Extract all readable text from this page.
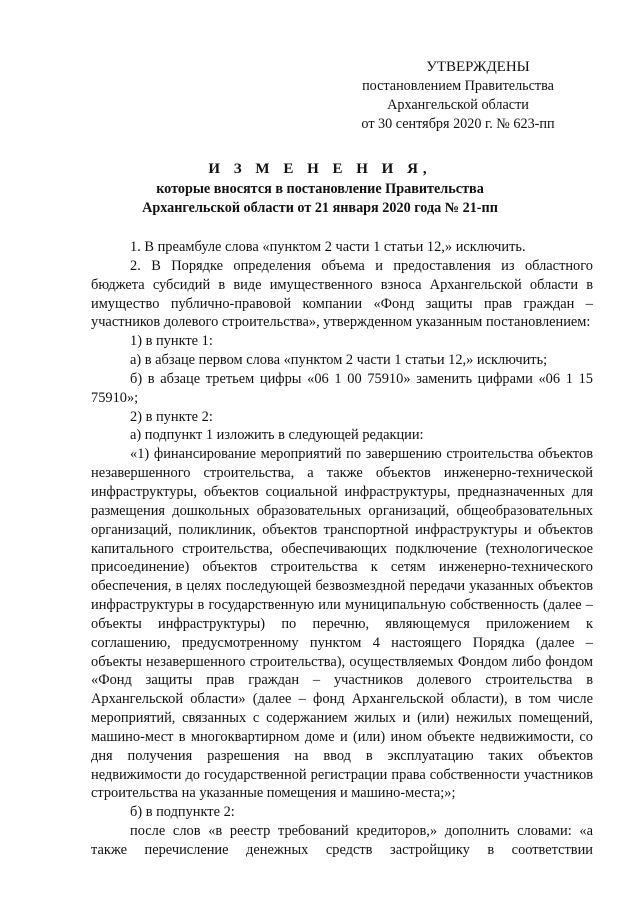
УТВЕРЖДЕНЫ
постановлением Правительства
Архангельской области
от 30 сентября 2020 г. № 623-пп
И З М Е Н Е Н И Я,
которые вносятся в постановление Правительства
Архангельской области от 21 января 2020 года № 21-пп

1. В преамбуле слова «пунктом 2 части 1 статьи 12,» исключить.

2. В Порядке определения объема и предоставления из областного бюджета субсидий в виде имущественного взноса Архангельской области в имущество публично-правовой компании «Фонд защиты прав граждан – участников долевого строительства», утвержденном указанным постановлением:

1) в пункте 1:

а) в абзаце первом слова «пунктом 2 части 1 статьи 12,» исключить;

б) в абзаце третьем цифры «06 1 00 75910» заменить цифрами «06 1 15 75910»;

2) в пункте 2:

а) подпункт 1 изложить в следующей редакции:

«1) финансирование мероприятий по завершению строительства объектов незавершенного строительства, а также объектов инженерно-технической инфраструктуры, объектов социальной инфраструктуры, предназначенных для размещения дошкольных образовательных организаций, общеобразовательных организаций, поликлиник, объектов транспортной инфраструктуры и объектов капитального строительства, обеспечивающих подключение (технологическое присоединение) объектов строительства к сетям инженерно-технического обеспечения, в целях последующей безвозмездной передачи указанных объектов инфраструктуры в государственную или муниципальную собственность (далее – объекты инфраструктуры) по перечню, являющемуся приложением к соглашению, предусмотренному пунктом 4 настоящего Порядка (далее – объекты незавершенного строительства), осуществляемых Фондом либо фондом «Фонд защиты прав граждан – участников долевого строительства в Архангельской области» (далее – фонд Архангельской области), в том числе мероприятий, связанных с содержанием жилых и (или) нежилых помещений, машино-мест в многоквартирном доме и (или) ином объекте недвижимости, со дня получения разрешения на ввод в эксплуатацию таких объектов недвижимости до государственной регистрации права собственности участников строительства на указанные помещения и машино-места;»;

б) в подпункте 2:

после слов «в реестр требований кредиторов,» дополнить словами: «а также перечисление денежных средств застройщику в соответствии
